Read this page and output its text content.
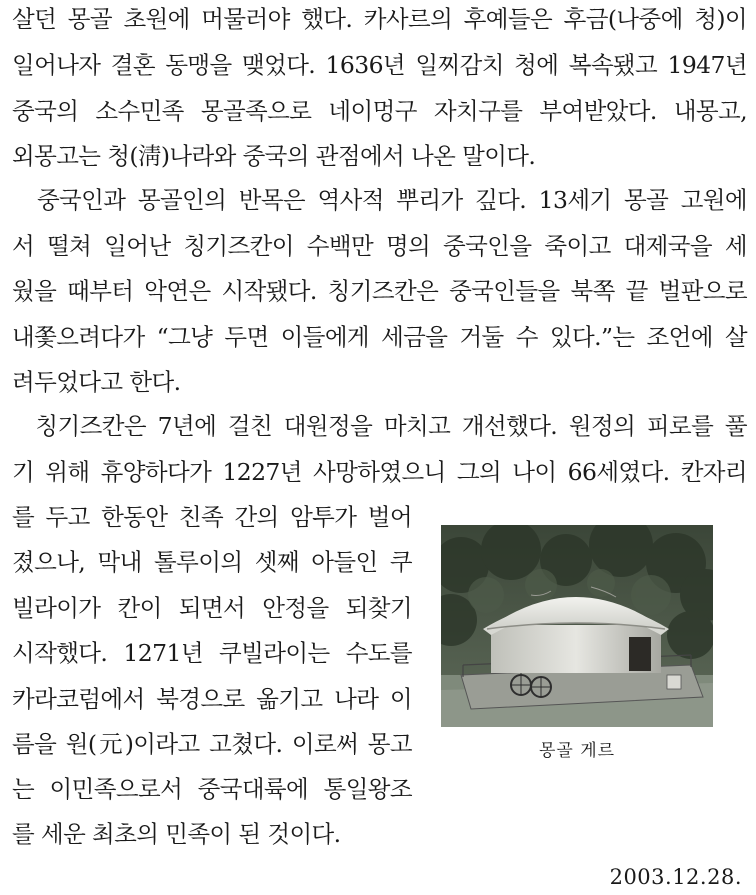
살던 몽골 초원에 머물러야 했다. 카사르의 후예들은 후금(나중에 청)이
일어나자 결혼 동맹을 맺었다. 1636년 일찌감치 청에 복속됐고 1947년
중국의 소수민족 몽골족으로 네이멍구 자치구를 부여받았다. 내몽고,
외몽고는 청(淸)나라와 중국의 관점에서 나온 말이다.
중국인과 몽골인의 반목은 역사적 뿌리가 깊다. 13세기 몽골 고원에
서 떨쳐 일어난 칭기즈칸이 수백만 명의 중국인을 죽이고 대제국을 세
웠을 때부터 악연은 시작됐다. 칭기즈칸은 중국인들을 북쪽 끝 벌판으로
내쫓으려다가 “그냥 두면 이들에게 세금을 거둘 수 있다.”는 조언에 살
려두었다고 한다.
칭기즈칸은 7년에 걸친 대원정을 마치고 개선했다. 원정의 피로를 풀
기 위해 휴양하다가 1227년 사망하였으니 그의 나이 66세였다. 칸자리
를 두고 한동안 친족 간의 암투가 벌어
졌으나, 막내 톨루이의 셋째 아들인 쿠
빌라이가 칸이 되면서 안정을 되찾기
시작했다. 1271년 쿠빌라이는 수도를
카라코럼에서 북경으로 옮기고 나라 이
름을 원(元)이라고 고쳤다. 이로써 몽고
는 이민족으로서 중국대륙에 통일왕조
를 세운 최초의 민족이 된 것이다.
몽골 게르
2003.12.28.
